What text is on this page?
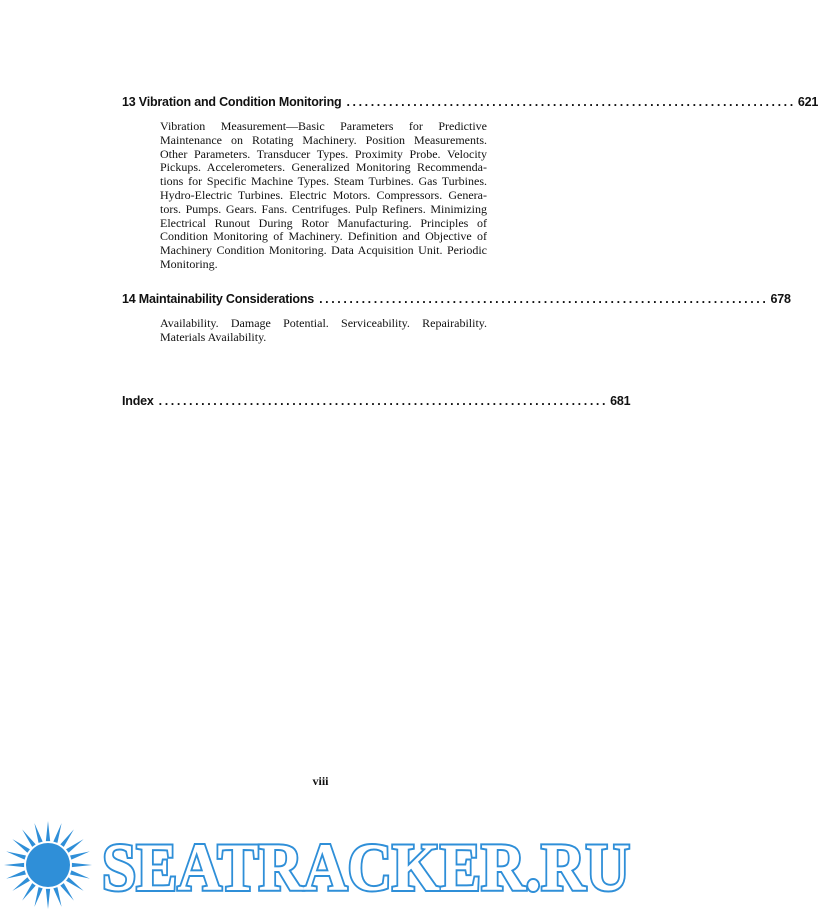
13 Vibration and Condition Monitoring .......................................................................... 621
Vibration Measurement—Basic Parameters for Predictive Maintenance on Rotating Machinery. Position Measurements. Other Parameters. Transducer Types. Proximity Probe. Velocity Pickups. Accelerometers. Generalized Monitoring Recommendations for Specific Machine Types. Steam Turbines. Gas Turbines. Hydro-Electric Turbines. Electric Motors. Compressors. Generators. Pumps. Gears. Fans. Centrifuges. Pulp Refiners. Minimizing Electrical Runout During Rotor Manufacturing. Principles of Condition Monitoring of Machinery. Definition and Objective of Machinery Condition Monitoring. Data Acquisition Unit. Periodic Monitoring.
14 Maintainability Considerations .......................................................................... 678
Availability. Damage Potential. Serviceability. Repairability. Materials Availability.
Index .......................................................................... 681
viii
SEATRACKER.RU
